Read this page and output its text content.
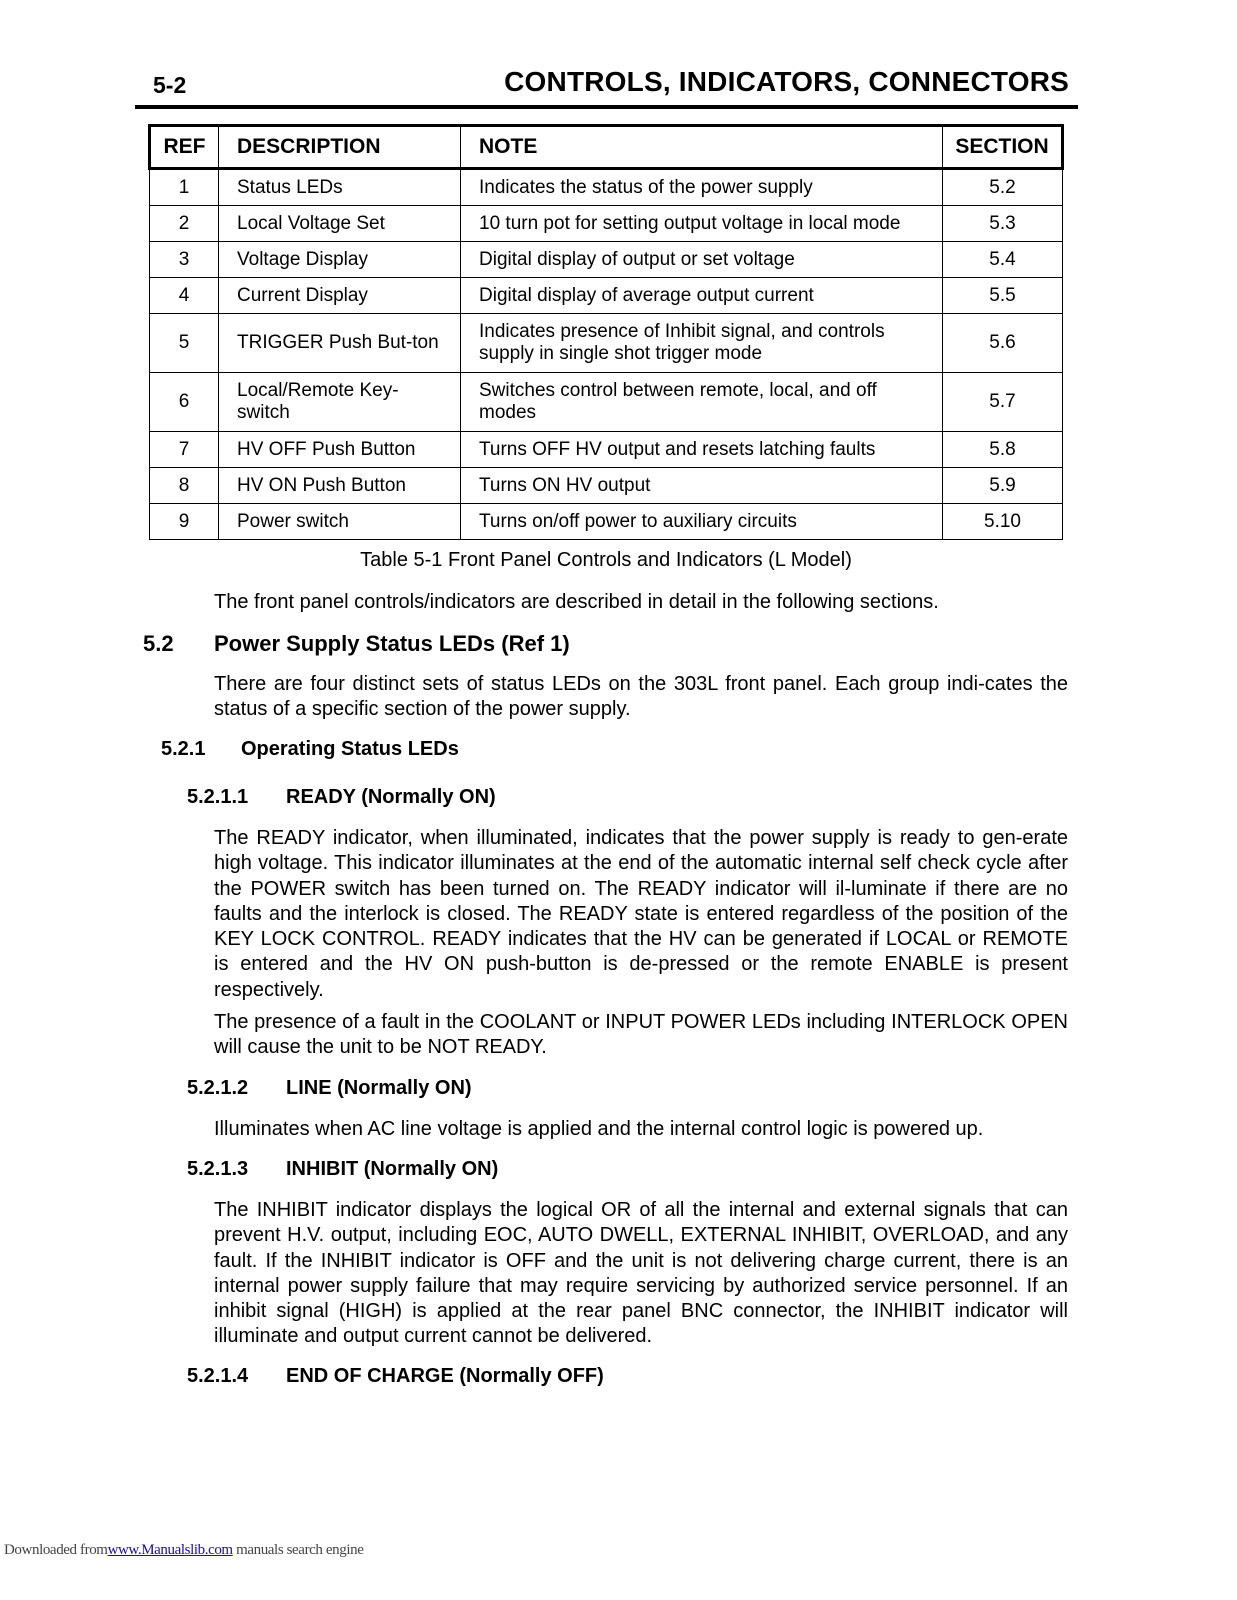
5-2	CONTROLS, INDICATORS, CONNECTORS
REF	DESCRIPTION	NOTE	SECTION
1	Status LEDs	Indicates the status of the power supply	5.2
2	Local Voltage Set	10 turn pot for setting output voltage in local mode	5.3
3	Voltage Display	Digital display of output or set voltage	5.4
4	Current Display	Digital display of average output current	5.5
5	TRIGGER Push But-ton	Indicates presence of Inhibit signal, and controls supply in single shot trigger mode	5.6
6	Local/Remote Key-switch	Switches control between remote, local, and off modes	5.7
7	HV OFF Push Button	Turns OFF HV output and resets latching faults	5.8
8	HV ON Push Button	Turns ON HV output	5.9
9	Power switch	Turns on/off power to auxiliary circuits	5.10
Table 5-1 Front Panel Controls and Indicators (L Model)
The front panel controls/indicators are described in detail in the following sections.
5.2 Power Supply Status LEDs (Ref 1)
There are four distinct sets of status LEDs on the 303L front panel. Each group indi-cates the status of a specific section of the power supply.
5.2.1 Operating Status LEDs
5.2.1.1 READY (Normally ON)
The READY indicator, when illuminated, indicates that the power supply is ready to gen-erate high voltage. This indicator illuminates at the end of the automatic internal self check cycle after the POWER switch has been turned on. The READY indicator will il-luminate if there are no faults and the interlock is closed. The READY state is entered regardless of the position of the KEY LOCK CONTROL. READY indicates that the HV can be generated if LOCAL or REMOTE is entered and the HV ON push-button is de-pressed or the remote ENABLE is present respectively.
The presence of a fault in the COOLANT or INPUT POWER LEDs including INTERLOCK OPEN will cause the unit to be NOT READY.
5.2.1.2 LINE (Normally ON)
Illuminates when AC line voltage is applied and the internal control logic is powered up.
5.2.1.3 INHIBIT (Normally ON)
The INHIBIT indicator displays the logical OR of all the internal and external signals that can prevent H.V. output, including EOC, AUTO DWELL, EXTERNAL INHIBIT, OVERLOAD, and any fault. If the INHIBIT indicator is OFF and the unit is not delivering charge current, there is an internal power supply failure that may require servicing by authorized service personnel. If an inhibit signal (HIGH) is applied at the rear panel BNC connector, the INHIBIT indicator will illuminate and output current cannot be delivered.
5.2.1.4 END OF CHARGE (Normally OFF)
Downloaded fromwww.Manualslib.com manuals search engine
